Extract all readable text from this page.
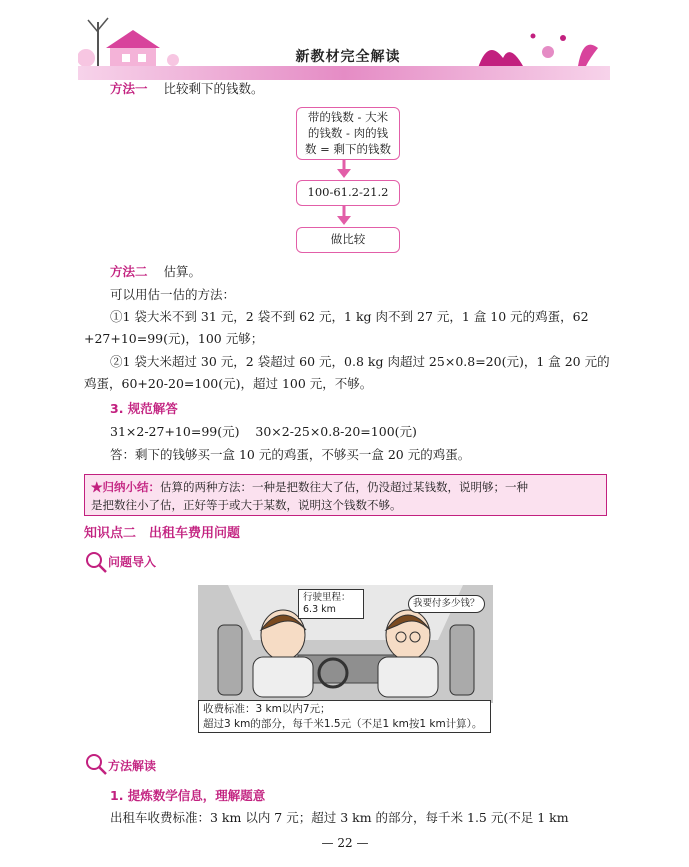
新教材完全解读
方法一 比较剩下的钱数。
带的钱数 - 大米
的钱数 - 肉的钱
数 = 剩下的钱数
100-61.2-21.2
做比较
方法二 估算。
可以用估一估的方法：
①1 袋大米不到 31 元，2 袋不到 62 元，1 kg 肉不到 27 元，1 盒 10 元的鸡蛋，62
+27+10=99(元)，100 元够；
②1 袋大米超过 30 元，2 袋超过 60 元，0.8 kg 肉超过 25×0.8=20(元)，1 盒 20 元的
鸡蛋，60+20-20=100(元)，超过 100 元，不够。
3. 规范解答
31×2-27+10=99(元)    30×2-25×0.8-20=100(元)
答：剩下的钱够买一盒 10 元的鸡蛋，不够买一盒 20 元的鸡蛋。
★归纳小结：估算的两种方法：一种是把数往大了估，仍没超过某钱数，说明够；一种
是把数往小了估，正好等于或大于某数，说明这个钱数不够。
知识点二　出租车费用问题
问题导入
行驶里程：
6.3 km
我要付多少钱？
收费标准：3 km以内7元；
超过3 km的部分，每千米1.5元（不足1 km按1 km计算）。
方法解读
1. 提炼数学信息，理解题意
出租车收费标准：3 km 以内 7 元；超过 3 km 的部分，每千米 1.5 元(不足 1 km
— 22 —
